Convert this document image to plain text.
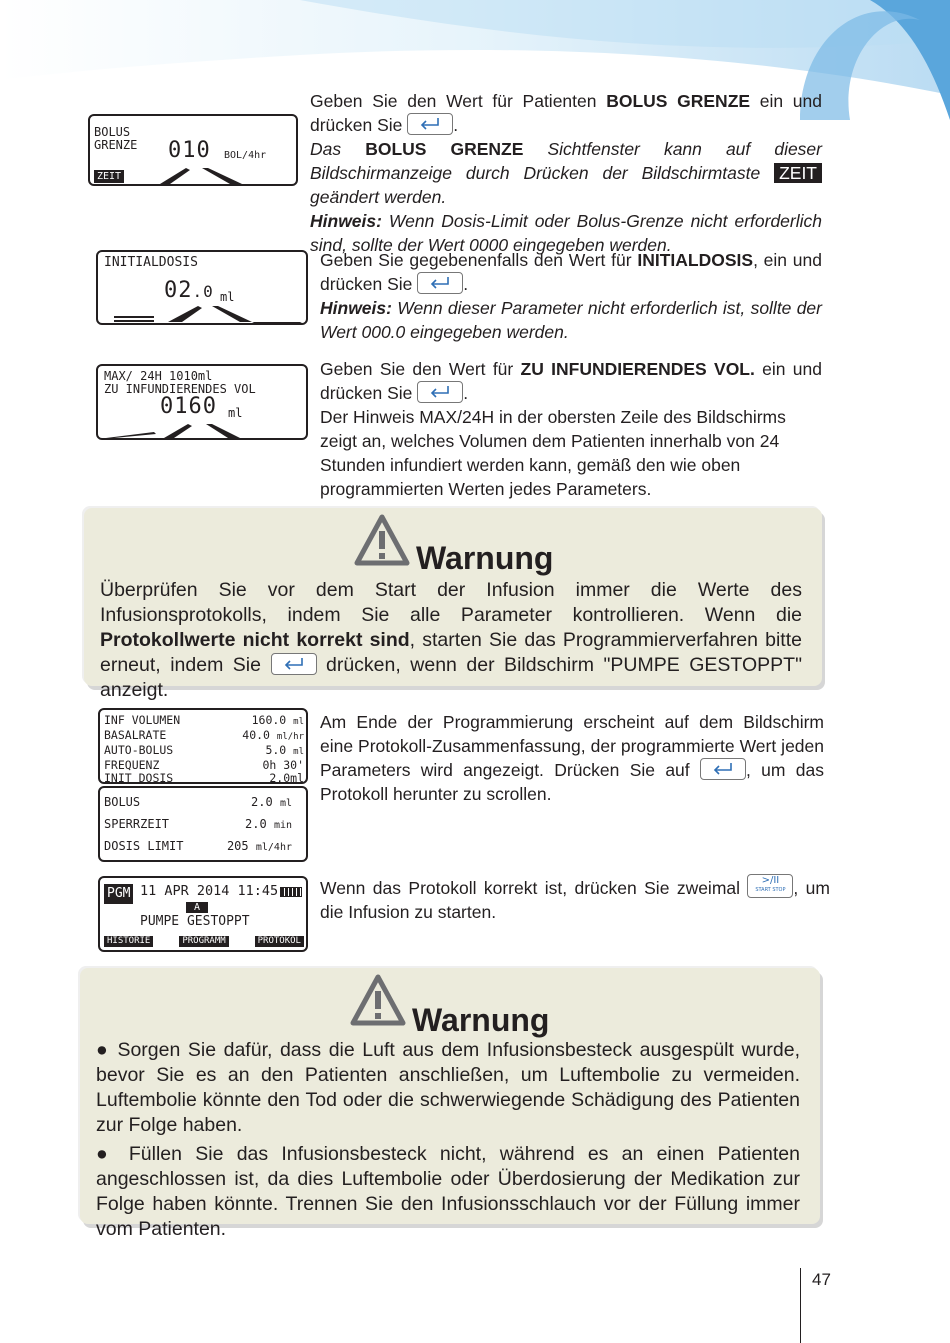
BOLUS
GRENZE 010 BOL/4hr
ZEIT

Geben Sie den Wert für Patienten BOLUS GRENZE ein und drücken Sie	.

Das BOLUS GRENZE Sichtfenster kann auf dieser Bildschirmanzeige durch Drücken der Bildschirmtaste ZEIT geändert werden.

Hinweis: Wenn Dosis-Limit oder Bolus-Grenze nicht erforderlich sind, sollte der Wert 0000 eingegeben werden.

INITIALDOSIS
02.0 ml

Geben Sie gegebenenfalls den Wert für INITIALDOSIS, ein und drücken Sie	.

Hinweis: Wenn dieser Parameter nicht erforderlich ist, sollte der Wert 000.0 eingegeben werden.

MAX/ 24H 1010ml
ZU INFUNDIERENDES VOL
0160 ml

Geben Sie den Wert für ZU INFUNDIERENDES VOL. ein und drücken Sie	.

Der Hinweis MAX/24H in der obersten Zeile des Bildschirms zeigt an, welches Volumen dem Patienten innerhalb von 24 Stunden infundiert werden kann, gemäß den wie oben programmierten Werten jedes Parameters.

Warnung

Überprüfen Sie vor dem Start der Infusion immer die Werte des Infusionsprotokolls, indem Sie alle Parameter kontrollieren. Wenn die Protokollwerte nicht korrekt sind, starten Sie das Programmierverfahren bitte erneut, indem Sie	drücken, wenn der Bildschirm "PUMPE GESTOPPT" anzeigt.

INF VOLUMEN	160.0 ml
BASALRATE	40.0 ml/hr
AUTO-BOLUS	5.0 ml
FREQUENZ	0h 30'
INIT DOSIS	2.0ml
BOLUS	2.0 ml
SPERRZEIT	2.0 min
DOSIS LIMIT	205 ml/4hr

Am Ende der Programmierung erscheint auf dem Bildschirm eine Protokoll-Zusammenfassung, der programmierte Wert jeden Parameters wird angezeigt. Drücken Sie auf	, um das Protokoll herunter zu scrollen.

PGM 11 APR 2014 11:45
A
PUMPE GESTOPPT
HISTORIE	PROGRAMM	PROTOKOL

Wenn das Protokoll korrekt ist, drücken Sie zweimal	>/II
START STOP , um die Infusion zu starten.

Warnung

● Sorgen Sie dafür, dass die Luft aus dem Infusionsbesteck ausgespült wurde, bevor Sie es an den Patienten anschließen, um Luftembolie zu vermeiden. Luftembolie könnte den Tod oder die schwerwiegende Schädigung des Patienten zur Folge haben.

● Füllen Sie das Infusionsbesteck nicht, während es an einen Patienten angeschlossen ist, da dies Luftembolie oder Überdosierung der Medikation zur Folge haben könnte. Trennen Sie den Infusionsschlauch vor der Füllung immer vom Patienten.

47
